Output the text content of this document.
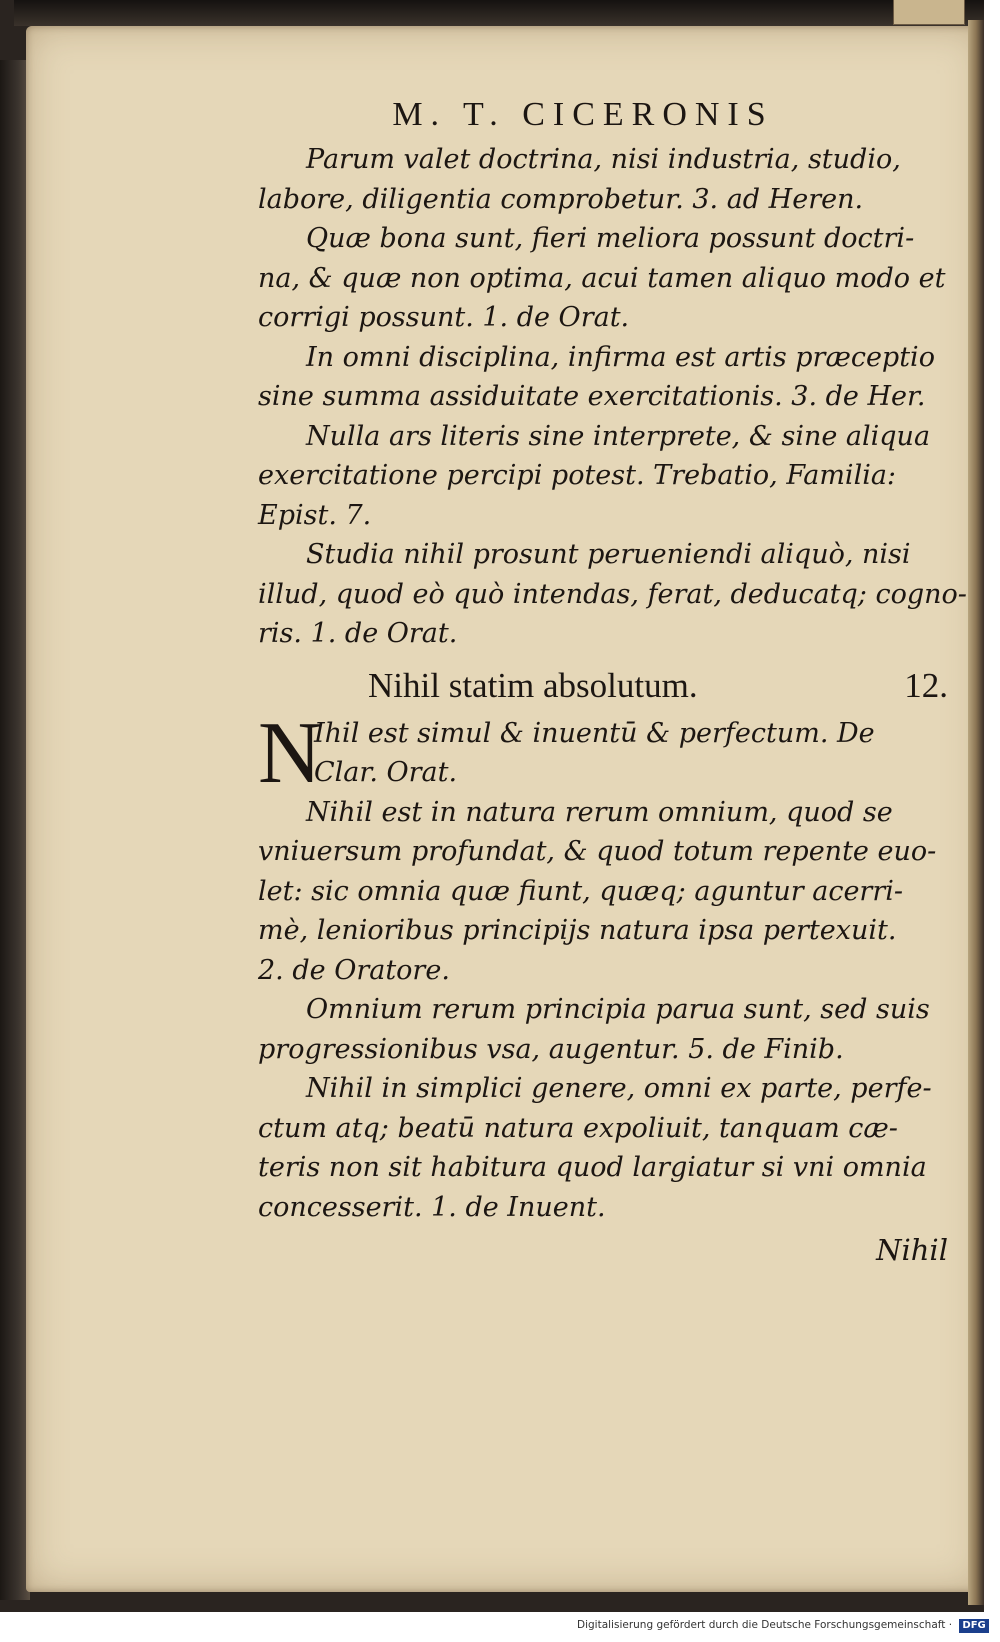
M. T. CICERONIS
Parum valet doctrina, nisi industria, studio,
labore, diligentia comprobetur. 3. ad Heren.
Quæ bona sunt, fieri meliora possunt doctri-
na, & quæ non optima, acui tamen aliquo modo et
corrigi possunt. 1. de Orat.
In omni disciplina, infirma est artis præceptio
sine summa assiduitate exercitationis. 3. de Her.
Nulla ars literis sine interprete, & sine aliqua
exercitatione percipi potest. Trebatio, Familia:
Epist. 7.
Studia nihil prosunt perueniendi aliquò, nisi
illud, quod eò quò intendas, ferat, deducatq; cogno-
ris. 1. de Orat.
Nihil statim absolutum.	12.
N
Ihil est simul & inuentū & perfectum. De
Clar. Orat.
Nihil est in natura rerum omnium, quod se
vniuersum profundat, & quod totum repente euo-
let: sic omnia quæ fiunt, quæq; aguntur acerri-
mè, lenioribus principijs natura ipsa pertexuit.
2. de Oratore.
Omnium rerum principia parua sunt, sed suis
progressionibus vsa, augentur. 5. de Finib.
Nihil in simplici genere, omni ex parte, perfe-
ctum atq; beatū natura expoliuit, tanquam cæ-
teris non sit habitura quod largiatur si vni omnia
concesserit. 1. de Inuent.
Nihil
Digitalisierung gefördert durch die Deutsche Forschungsgemeinschaft · DFG
